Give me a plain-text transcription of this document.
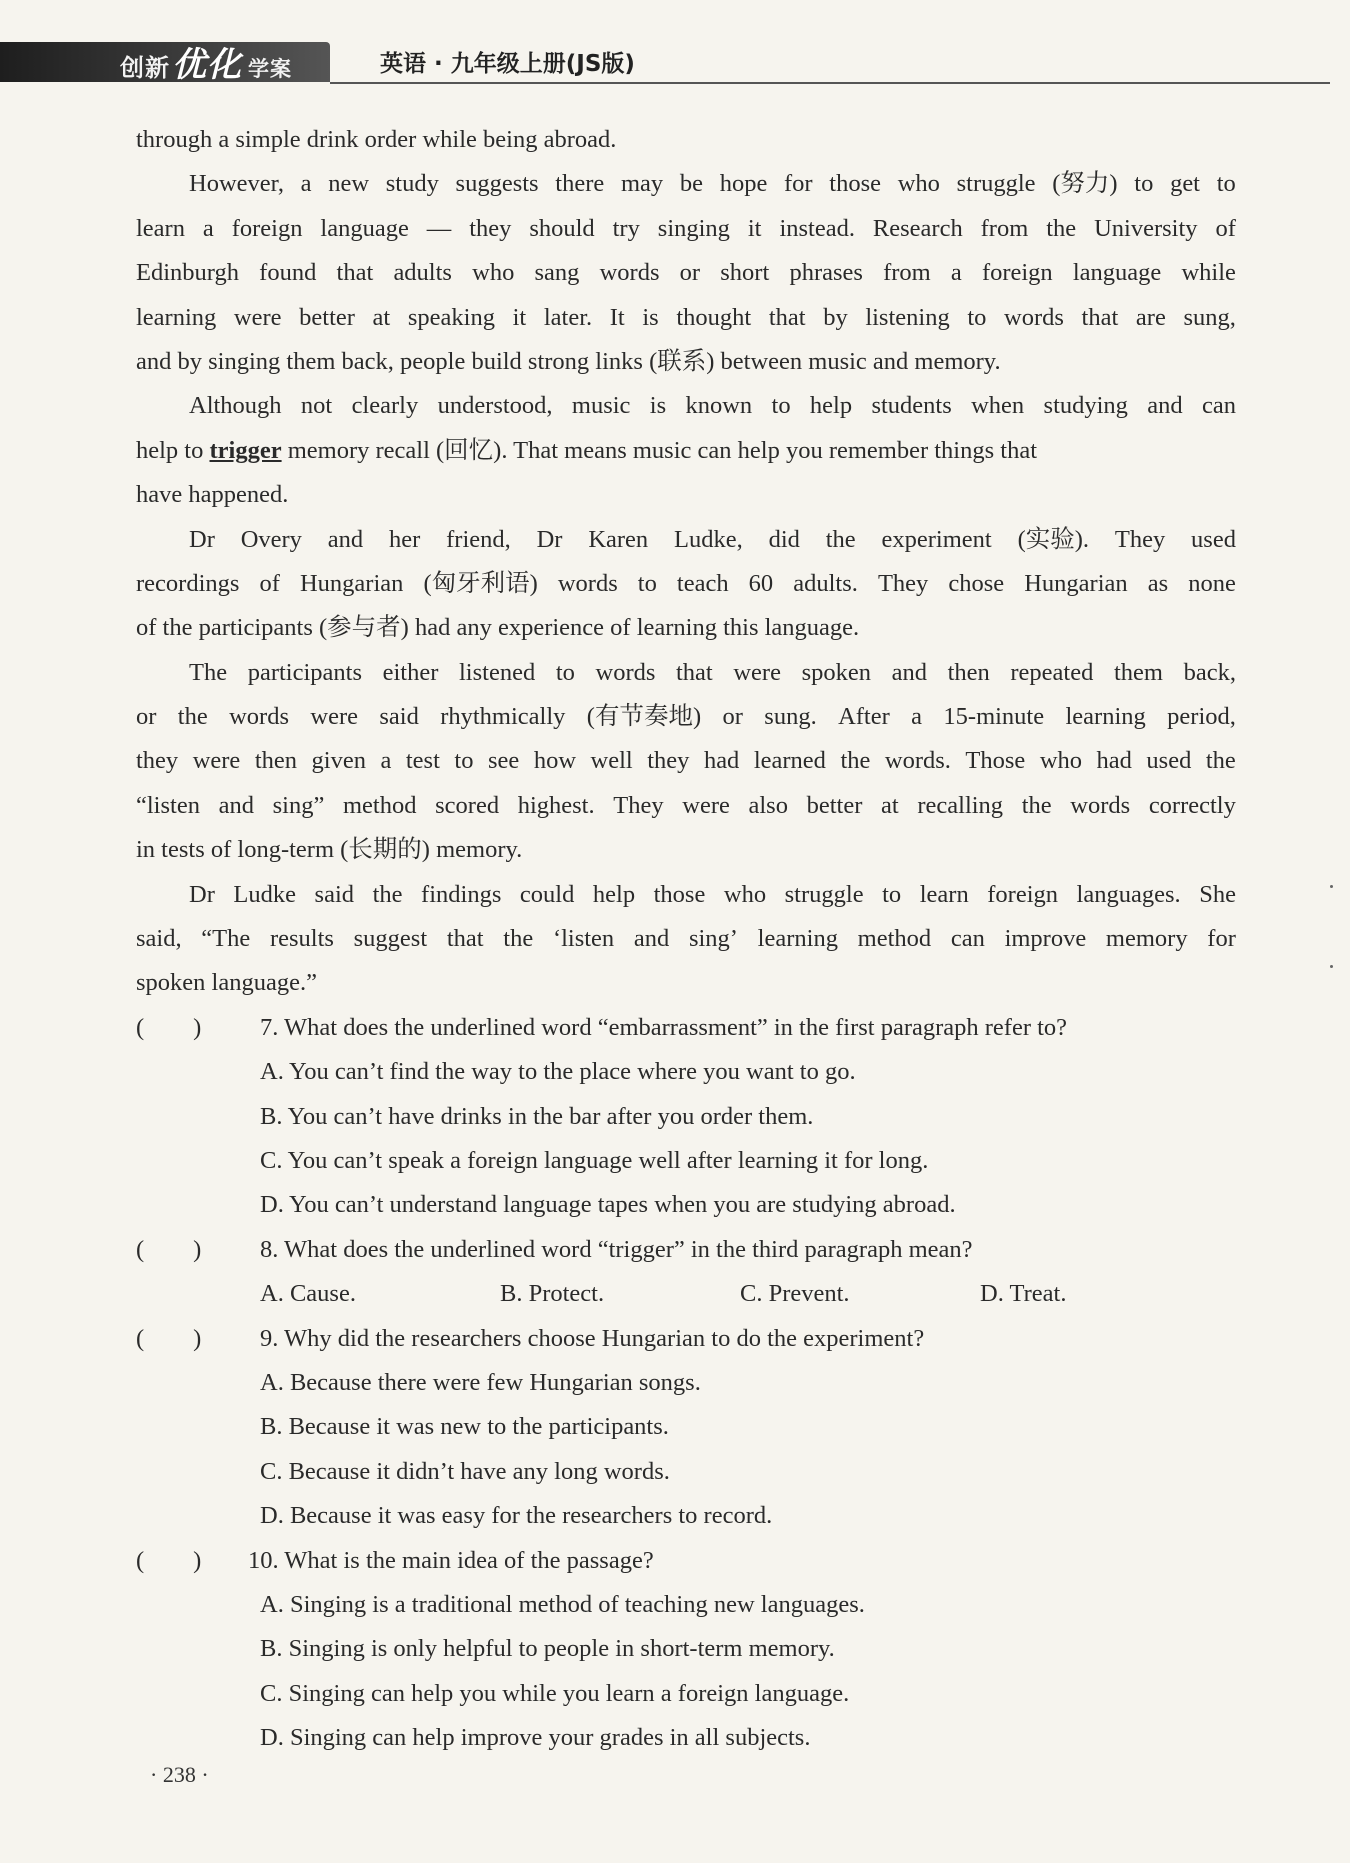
创新优化 学案	英语 · 九年级上册(JS版)
through a simple drink order while being abroad.
However, a new study suggests there may be hope for those who struggle (努力) to get to
learn a foreign language — they should try singing it instead. Research from the University of
Edinburgh found that adults who sang words or short phrases from a foreign language while
learning were better at speaking it later. It is thought that by listening to words that are sung,
and by singing them back, people build strong links (联系) between music and memory.
Although not clearly understood, music is known to help students when studying and can
help to trigger memory recall (回忆). That means music can help you remember things that
have happened.
Dr Overy and her friend, Dr Karen Ludke, did the experiment (实验). They used
recordings of Hungarian (匈牙利语) words to teach 60 adults. They chose Hungarian as none
of the participants (参与者) had any experience of learning this language.
The participants either listened to words that were spoken and then repeated them back,
or the words were said rhythmically (有节奏地) or sung. After a 15-minute learning period,
they were then given a test to see how well they had learned the words. Those who had used the
“listen and sing” method scored highest. They were also better at recalling the words correctly
in tests of long-term (长期的) memory.
Dr Ludke said the findings could help those who struggle to learn foreign languages. She
said, “The results suggest that the ‘listen and sing’ learning method can improve memory for
spoken language.”
(        )	7. What does the underlined word “embarrassment” in the first paragraph refer to?
A. You can’t find the way to the place where you want to go.
B. You can’t have drinks in the bar after you order them.
C. You can’t speak a foreign language well after learning it for long.
D. You can’t understand language tapes when you are studying abroad.
(        )	8. What does the underlined word “trigger” in the third paragraph mean?
A. Cause.	B. Protect.	C. Prevent.	D. Treat.
(        )	9. Why did the researchers choose Hungarian to do the experiment?
A. Because there were few Hungarian songs.
B. Because it was new to the participants.
C. Because it didn’t have any long words.
D. Because it was easy for the researchers to record.
(        )	10. What is the main idea of the passage?
A. Singing is a traditional method of teaching new languages.
B. Singing is only helpful to people in short-term memory.
C. Singing can help you while you learn a foreign language.
D. Singing can help improve your grades in all subjects.
· 238 ·
